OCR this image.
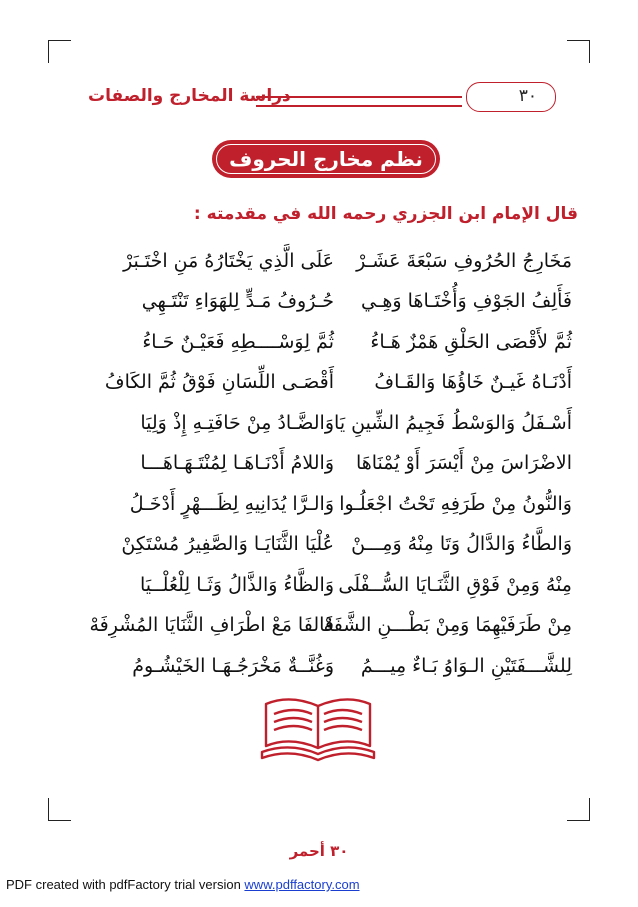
دراسة المخارج والصفات	٣٠
نظم مخارج الحروف
قال الإمام ابن الجزري رحمه الله في مقدمته :
مَخَارِجُ الحُرُوفِ سَبْعَةَ عَشَـرْ
عَلَى الَّذِي يَخْتَارُهُ مَنِ اخْتَـبَرْ
فَأَلِفُ الجَوْفِ وَأُخْتَـاهَا وَهِـي
حُـرُوفُ مَـدٍّ لِلهَوَاءِ تَنْتَـهِي
ثُمَّ لأَقْصَى الحَلْقِ هَمْزٌ هَـاءُ
ثُمَّ لِوَسْــــطِهِ فَعَيْـنٌ حَـاءُ
أَدْنَـاهُ غَيـنٌ خَاؤُهَا وَالقَـافُ
أَقْصَـى اللِّسَانِ فَوْقُ ثُمَّ الكَافُ
أَسْـفَلُ وَالوَسْطُ فَجِيمُ الشِّينِ يَا
وَالضَّـادُ مِنْ حَافَتِـهِ إِذْ وَلِيَا
الاضْرَاسَ مِنْ أَيْسَرَ أَوْ يُمْنَاهَا
وَاللامُ أَدْنَـاهَـا لِمُنْتَـهَـاهَـــا
وَالنُّونُ مِنْ طَرَفِهِ تَحْتُ اجْعَلُـوا
وَالـرَّا يُدَانِيهِ لِظَـــهْرٍ أَدْخَـلُ
وَالطَّاءُ وَالدَّالُ وَتَا مِنْهُ وَمِـــنْ
عُلْيَا الثَّنَايَـا وَالصَّفِيرُ مُسْتَكِنْ
مِنْهُ وَمِنْ فَوْقِ الثَّنَـايَا السُّــفْلَى
وَالظَّاءُ وَالذَّالُ وَثَـا لِلْعُلْــيَا
مِنْ طَرَفَيْهِمَا وَمِنْ بَطْـــنِ الشَّفَهْ
فَالفَا مَعْ اطْرَافِ الثَّنَايَا المُشْرِفَهْ
لِلشَّـــفَتَيْنِ الـوَاوُ بَـاءٌ مِيـــمُ
وَغُنَّــةٌ مَخْرَجُـهَـا الخَيْشُـومُ
٣٠ أحمر
PDF created with pdfFactory trial version www.pdffactory.com
